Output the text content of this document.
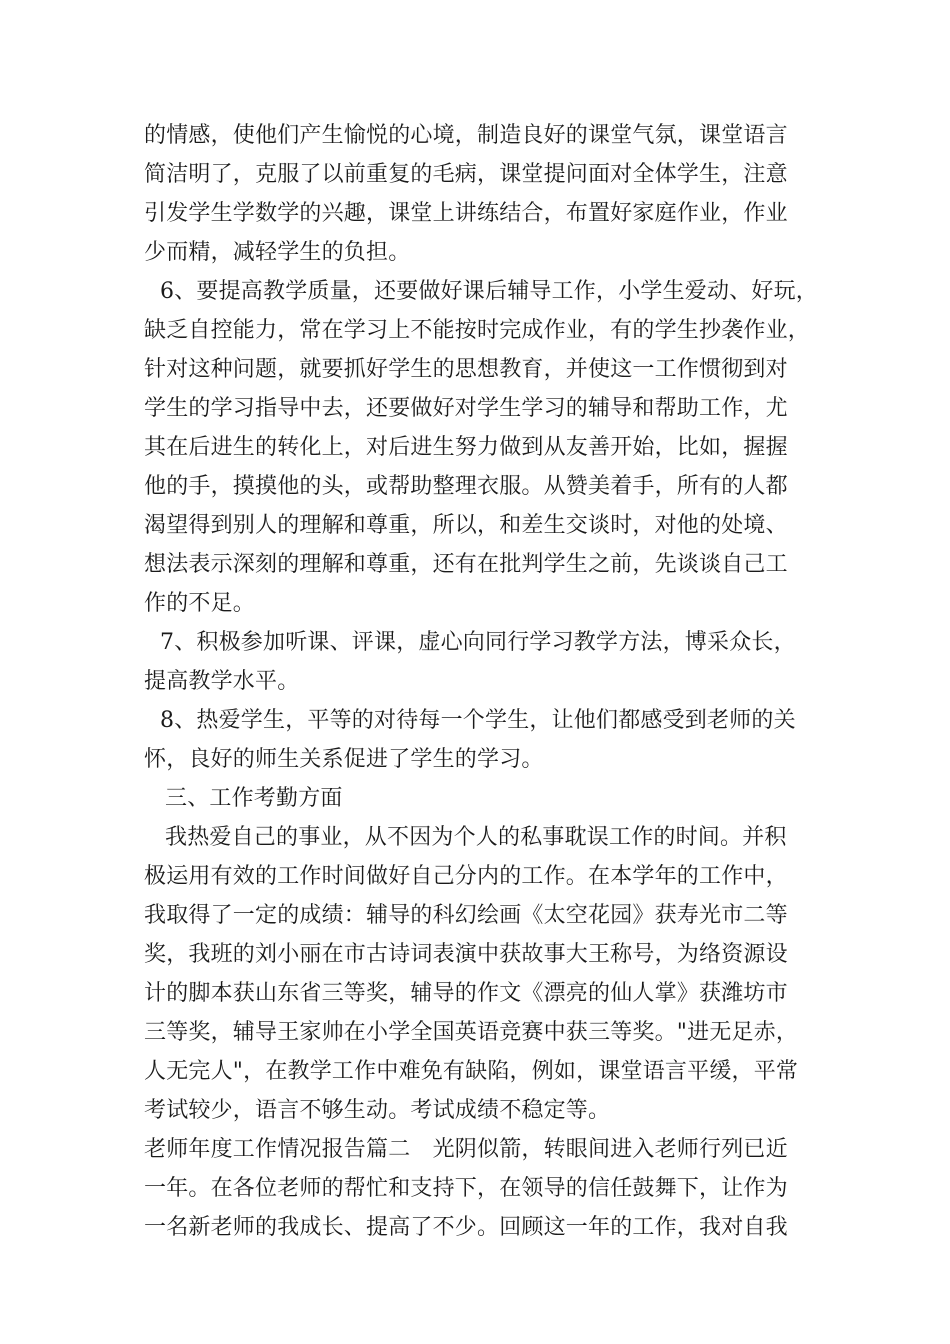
的情感，使他们产生愉悦的心境，制造良好的课堂气氛，课堂语言
简洁明了，克服了以前重复的毛病，课堂提问面对全体学生，注意
引发学生学数学的兴趣，课堂上讲练结合，布置好家庭作业，作业
少而精，减轻学生的负担。
6、要提高教学质量，还要做好课后辅导工作，小学生爱动、好玩，
缺乏自控能力，常在学习上不能按时完成作业，有的学生抄袭作业，
针对这种问题，就要抓好学生的思想教育，并使这一工作惯彻到对
学生的学习指导中去，还要做好对学生学习的辅导和帮助工作，尤
其在后进生的转化上，对后进生努力做到从友善开始，比如，握握
他的手，摸摸他的头，或帮助整理衣服。从赞美着手，所有的人都
渴望得到别人的理解和尊重，所以，和差生交谈时，对他的处境、
想法表示深刻的理解和尊重，还有在批判学生之前，先谈谈自己工
作的不足。
7、积极参加听课、评课，虚心向同行学习教学方法，博采众长，
提高教学水平。
8、热爱学生，平等的对待每一个学生，让他们都感受到老师的关
怀，良好的师生关系促进了学生的学习。
三、工作考勤方面
我热爱自己的事业，从不因为个人的私事耽误工作的时间。并积
极运用有效的工作时间做好自己分内的工作。在本学年的工作中，
我取得了一定的成绩：辅导的科幻绘画《太空花园》获寿光市二等
奖，我班的刘小丽在市古诗词表演中获故事大王称号，为络资源设
计的脚本获山东省三等奖，辅导的作文《漂亮的仙人掌》获潍坊市
三等奖，辅导王家帅在小学全国英语竞赛中获三等奖。"进无足赤，
人无完人"，在教学工作中难免有缺陷，例如，课堂语言平缓，平常
考试较少，语言不够生动。考试成绩不稳定等。
老师年度工作情况报告篇二　光阴似箭，转眼间进入老师行列已近
一年。在各位老师的帮忙和支持下，在领导的信任鼓舞下，让作为
一名新老师的我成长、提高了不少。回顾这一年的工作，我对自我
